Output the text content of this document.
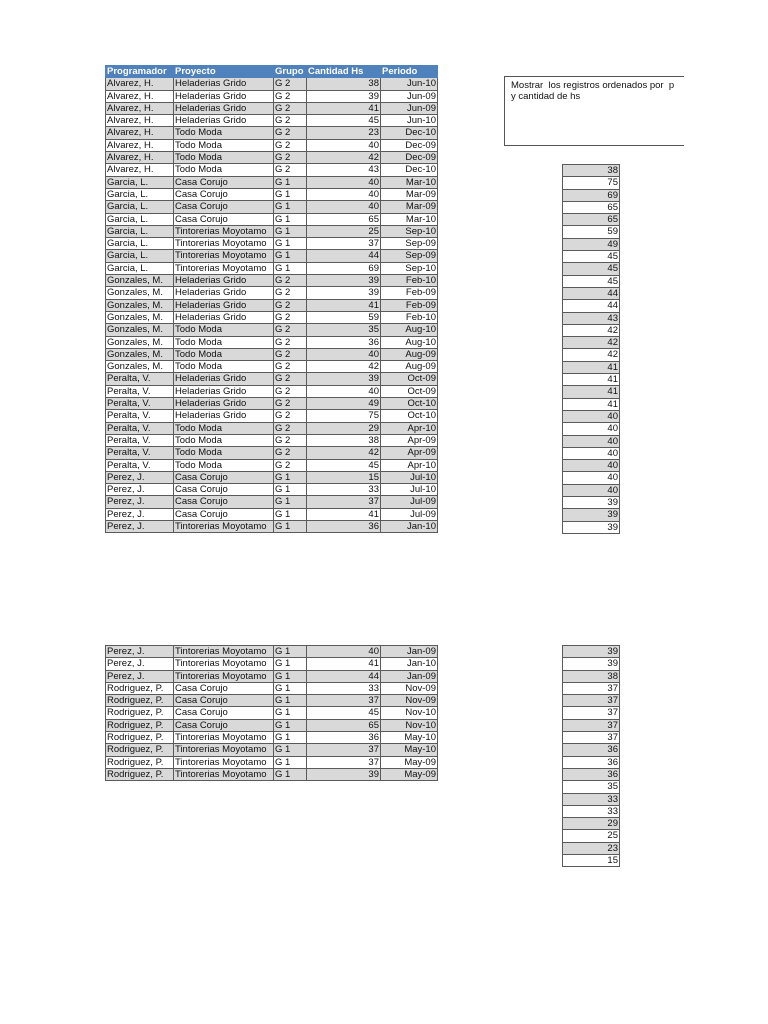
Programador	Proyecto	Grupo	Cantidad Hs	Periodo
Alvarez, H.	Heladerias Grido	G 2	38	Jun-10
Alvarez, H.	Heladerias Grido	G 2	39	Jun-09
Alvarez, H.	Heladerias Grido	G 2	41	Jun-09
Alvarez, H.	Heladerias Grido	G 2	45	Jun-10
Alvarez, H.	Todo Moda	G 2	23	Dec-10
Alvarez, H.	Todo Moda	G 2	40	Dec-09
Alvarez, H.	Todo Moda	G 2	42	Dec-09
Alvarez, H.	Todo Moda	G 2	43	Dec-10
Garcia, L.	Casa Corujo	G 1	40	Mar-10
Garcia, L.	Casa Corujo	G 1	40	Mar-09
Garcia, L.	Casa Corujo	G 1	40	Mar-09
Garcia, L.	Casa Corujo	G 1	65	Mar-10
Garcia, L.	Tintorerias Moyotamo	G 1	25	Sep-10
Garcia, L.	Tintorerias Moyotamo	G 1	37	Sep-09
Garcia, L.	Tintorerias Moyotamo	G 1	44	Sep-09
Garcia, L.	Tintorerias Moyotamo	G 1	69	Sep-10
Gonzales, M.	Heladerias Grido	G 2	39	Feb-10
Gonzales, M.	Heladerias Grido	G 2	39	Feb-09
Gonzales, M.	Heladerias Grido	G 2	41	Feb-09
Gonzales, M.	Heladerias Grido	G 2	59	Feb-10
Gonzales, M.	Todo Moda	G 2	35	Aug-10
Gonzales, M.	Todo Moda	G 2	36	Aug-10
Gonzales, M.	Todo Moda	G 2	40	Aug-09
Gonzales, M.	Todo Moda	G 2	42	Aug-09
Peralta, V.	Heladerias Grido	G 2	39	Oct-09
Peralta, V.	Heladerias Grido	G 2	40	Oct-09
Peralta, V.	Heladerias Grido	G 2	49	Oct-10
Peralta, V.	Heladerias Grido	G 2	75	Oct-10
Peralta, V.	Todo Moda	G 2	29	Apr-10
Peralta, V.	Todo Moda	G 2	38	Apr-09
Peralta, V.	Todo Moda	G 2	42	Apr-09
Peralta, V.	Todo Moda	G 2	45	Apr-10
Perez, J.	Casa Corujo	G 1	15	Jul-10
Perez, J.	Casa Corujo	G 1	33	Jul-10
Perez, J.	Casa Corujo	G 1	37	Jul-09
Perez, J.	Casa Corujo	G 1	41	Jul-09
Perez, J.	Tintorerias Moyotamo	G 1	36	Jan-10
Mostrar  los registros ordenados por  p
y cantidad de hs
38
75
69
65
65
59
49
45
45
45
44
44
43
42
42
42
41
41
41
41
40
40
40
40
40
40
40
39
39
39
Perez, J.	Tintorerias Moyotamo	G 1	40	Jan-09
Perez, J.	Tintorerias Moyotamo	G 1	41	Jan-10
Perez, J.	Tintorerias Moyotamo	G 1	44	Jan-09
Rodriguez, P.	Casa Corujo	G 1	33	Nov-09
Rodriguez, P.	Casa Corujo	G 1	37	Nov-09
Rodriguez, P.	Casa Corujo	G 1	45	Nov-10
Rodriguez, P.	Casa Corujo	G 1	65	Nov-10
Rodriguez, P.	Tintorerias Moyotamo	G 1	36	May-10
Rodriguez, P.	Tintorerias Moyotamo	G 1	37	May-10
Rodriguez, P.	Tintorerias Moyotamo	G 1	37	May-09
Rodriguez, P.	Tintorerias Moyotamo	G 1	39	May-09
39
39
38
37
37
37
37
37
36
36
36
35
33
33
29
25
23
15
